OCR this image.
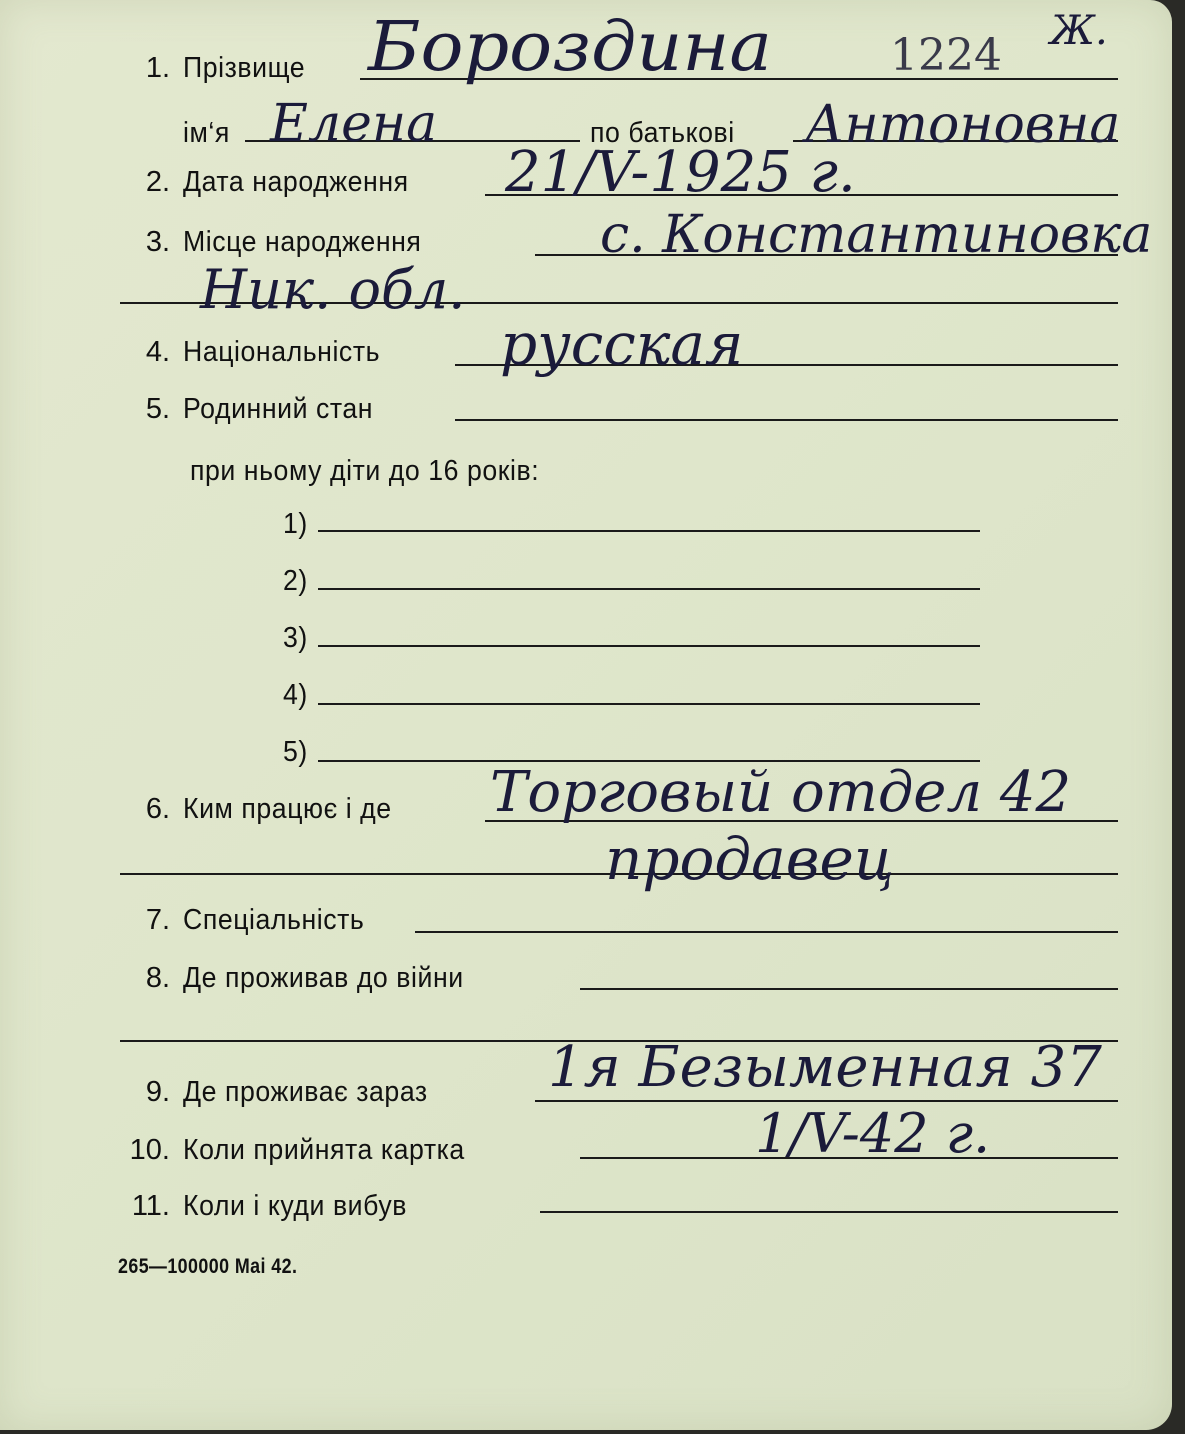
1. Прізвище Бороздина	1224 Ж.
ім‘я Елена	по батькові Антоновна
2. Дата народження 21/V-1925 г.
3. Місце народження	с. Константиновка
Ник. обл.
4. Національність русская
5. Родинний стан
при ньому діти до 16 років:
1)
2)
3)
4)
5)
6. Ким працює і де Торговый отдел 42
продавец
7. Спеціальність
8. Де проживав до війни
9. Де проживає зараз 1я Безыменная 37
10. Коли прийнята картка	1/V-42 г.
11. Коли і куди вибув
265—100000 Mai 42.
